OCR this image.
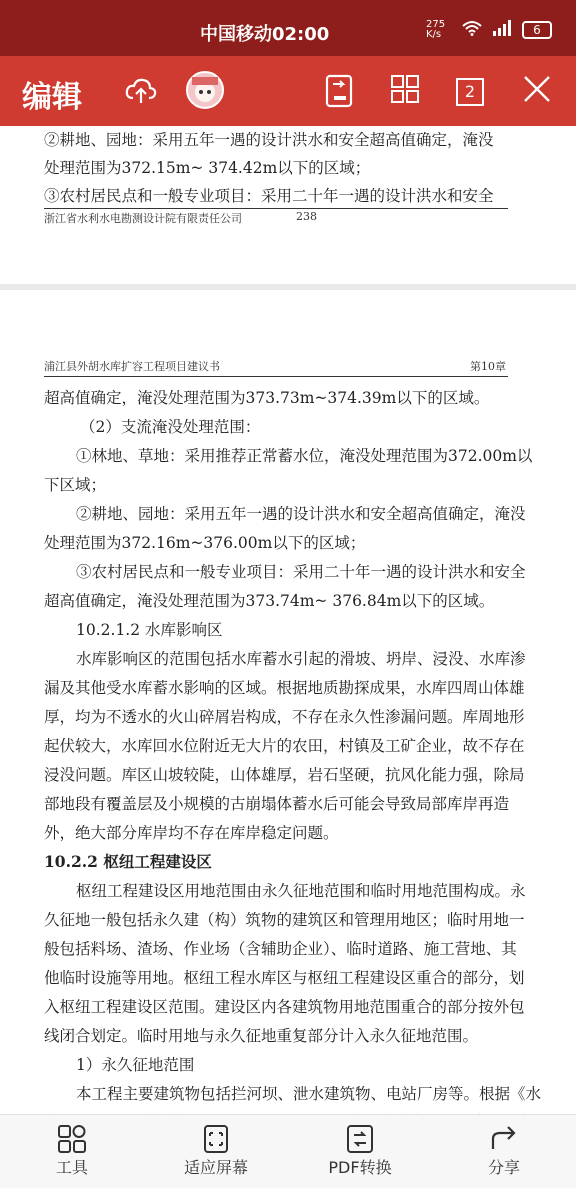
中国移动02:00	275 K/s	6
编辑	2
②耕地、园地：采用五年一遇的设计洪水和安全超高值确定，淹没
处理范围为372.15m~ 374.42m以下的区域；
③农村居民点和一般专业项目：采用二十年一遇的设计洪水和安全
浙江省水利水电勘测设计院有限责任公司	238
浦江县外胡水库扩容工程项目建议书	第10章
超高值确定，淹没处理范围为373.73m~374.39m以下的区域。
（2）支流淹没处理范围：
①林地、草地：采用推荐正常蓄水位，淹没处理范围为372.00m以
下区域；
②耕地、园地：采用五年一遇的设计洪水和安全超高值确定，淹没
处理范围为372.16m~376.00m以下的区域；
③农村居民点和一般专业项目：采用二十年一遇的设计洪水和安全
超高值确定，淹没处理范围为373.74m~ 376.84m以下的区域。
10.2.1.2 水库影响区
水库影响区的范围包括水库蓄水引起的滑坡、坍岸、浸没、水库渗
漏及其他受水库蓄水影响的区域。根据地质勘探成果，水库四周山体雄
厚，均为不透水的火山碎屑岩构成，不存在永久性渗漏问题。库周地形
起伏较大，水库回水位附近无大片的农田，村镇及工矿企业，故不存在
浸没问题。库区山坡较陡，山体雄厚，岩石坚硬，抗风化能力强，除局
部地段有覆盖层及小规模的古崩塌体蓄水后可能会导致局部库岸再造
外，绝大部分库岸均不存在库岸稳定问题。
10.2.2 枢纽工程建设区
枢纽工程建设区用地范围由永久征地范围和临时用地范围构成。永
久征地一般包括永久建（构）筑物的建筑区和管理用地区；临时用地一
般包括料场、渣场、作业场（含辅助企业）、临时道路、施工营地、其
他临时设施等用地。枢纽工程水库区与枢纽工程建设区重合的部分，划
入枢纽工程建设区范围。建设区内各建筑物用地范围重合的部分按外包
线闭合划定。临时用地与永久征地重复部分计入永久征地范围。
1）永久征地范围
本工程主要建筑物包括拦河坝、泄水建筑物、电站厂房等。根据《水
工具	适应屏幕	PDF转换	分享
